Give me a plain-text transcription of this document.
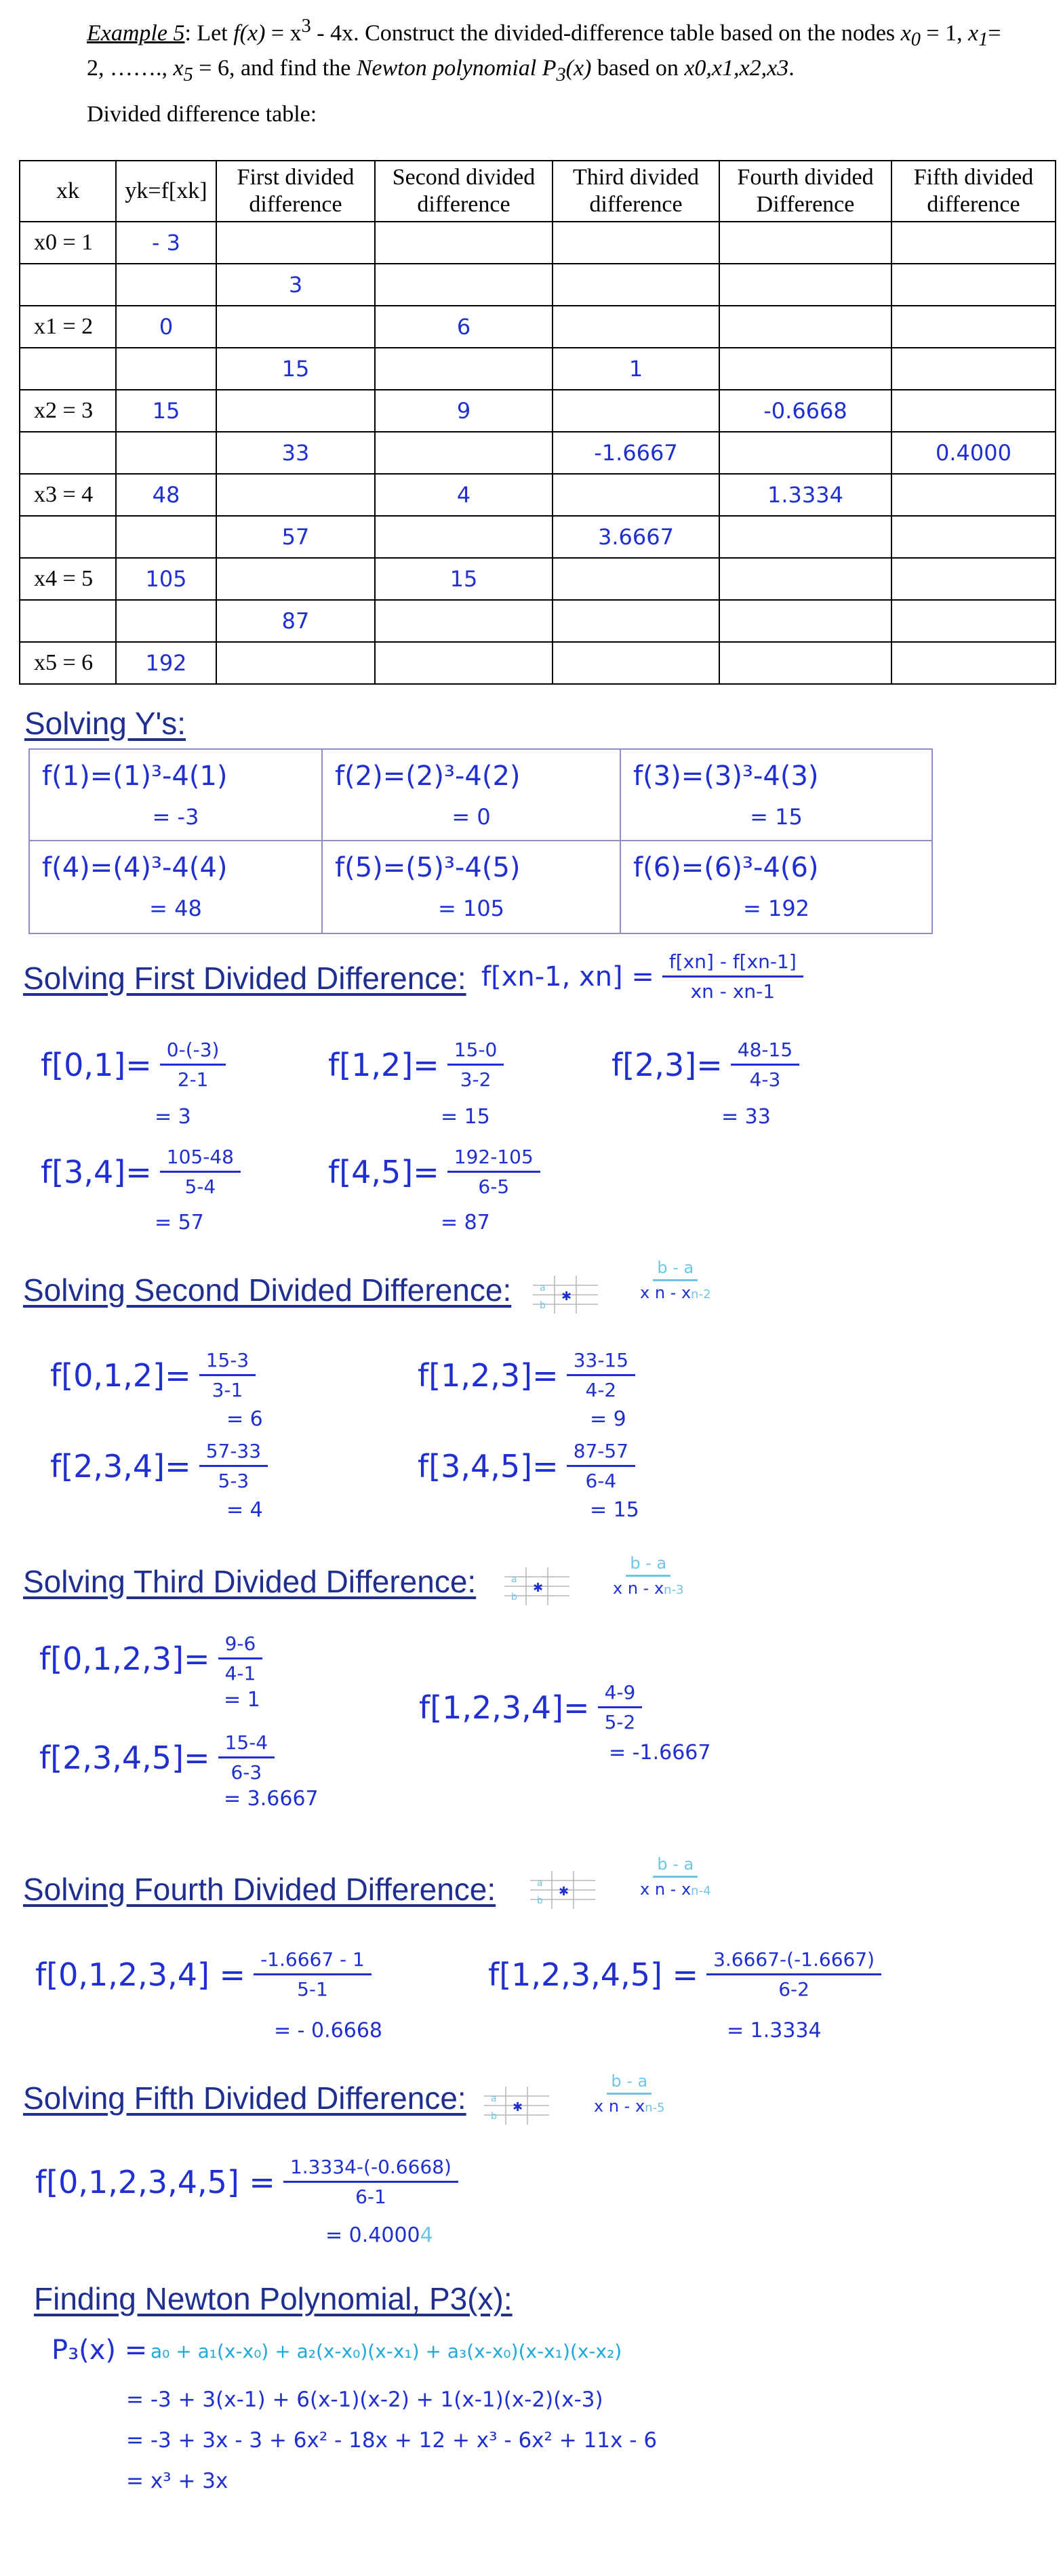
Example 5: Let $f(x) = x^3 - 4x$. Construct the divided-difference table based on the nodes $x_0 = 1$, $x_1= 2$, ……., $x_5 = 6$, and find the Newton polynomial $P_3(x)$ based on x0,x1,x2,x3.
Divided difference table:
xk	yk=f[xk]	First divided difference	Second divided difference	Third divided difference	Fourth divided Difference	Fifth divided difference
x0 = 1	- 3					
		3				
x1 = 2	0		6			
		15		1		
x2 = 3	15		9		-0.6668	
		33		-1.6667		0.4000
x3 = 4	48		4		1.3334	
		57		3.6667		
x4 = 5	105		15			
		87				
x5 = 6	192					
Solving Y's:
f(1)=(1)³-4(1)
= -3
f(2)=(2)³-4(2)
= 0
f(3)=(3)³-4(3)
= 15
f(4)=(4)³-4(4)
= 48
f(5)=(5)³-4(5)
= 105
f(6)=(6)³-4(6)
= 192
Solving First Divided Difference: f[xn-1, $xn] = \frac{f[xn] - f[xn-1]}{xn - xn-1}$
$f[0,1]= \frac{0-(-3)}{2-1}$
= 3
$f[1,2]= \frac{15-0}{3-2}$
= 15
$f[2,3]= \frac{48-15}{4-3}$
= 33
$f[3,4]= \frac{105-48}{5-4}$
= 57
$f[4,5]= \frac{192-105}{6-5}$
= 87
Solving Second Divided Difference:	a
b
✱	$\frac{b - a}{\text{x n - xn-2}}$
$f[0,1,2]= \frac{15-3}{3-1}$
= 6
$f[1,2,3]= \frac{33-15}{4-2}$
= 9
$f[2,3,4]= \frac{57-33}{5-3}$
= 4
$f[3,4,5]= \frac{87-57}{6-4}$
= 15
Solving Third Divided Difference:	a
b
✱	$\frac{b - a}{\text{x n - xn-3}}$
$f[0,1,2,3]= \frac{9-6}{4-1}$
= 1	$f[1,2,3,4]= \frac{4-9}{5-2}$
= -1.6667
$f[2,3,4,5]= \frac{15-4}{6-3}$
= 3.6667
Solving Fourth Divided Difference:	a
b
✱	$\frac{b - a}{\text{x n - xn-4}}$
$f[0,1,2,3,4] = \frac{-1.6667 - 1}{5-1}$
= - 0.6668
$f[1,2,3,4,5] = \frac{3.6667-(-1.6667)}{6-2}$
= 1.3334
Solving Fifth Divided Difference:	a
b
✱	$\frac{b - a}{\text{x n - xn-5}}$
$f[0,1,2,3,4,5] = \frac{1.3334-(-0.6668)}{6-1}$
= 0.40004
Finding Newton Polynomial, P3(x):
P₃(x) = a₀ + a₁(x-x₀) + a₂(x-x₀)(x-x₁) + a₃(x-x₀)(x-x₁)(x-x₂)
= -3 + 3(x-1) + 6(x-1)(x-2) + 1(x-1)(x-2)(x-3)
= -3 + 3x - 3 + 6x² - 18x + 12 + x³ - 6x² + 11x - 6
= x³ + 3x
